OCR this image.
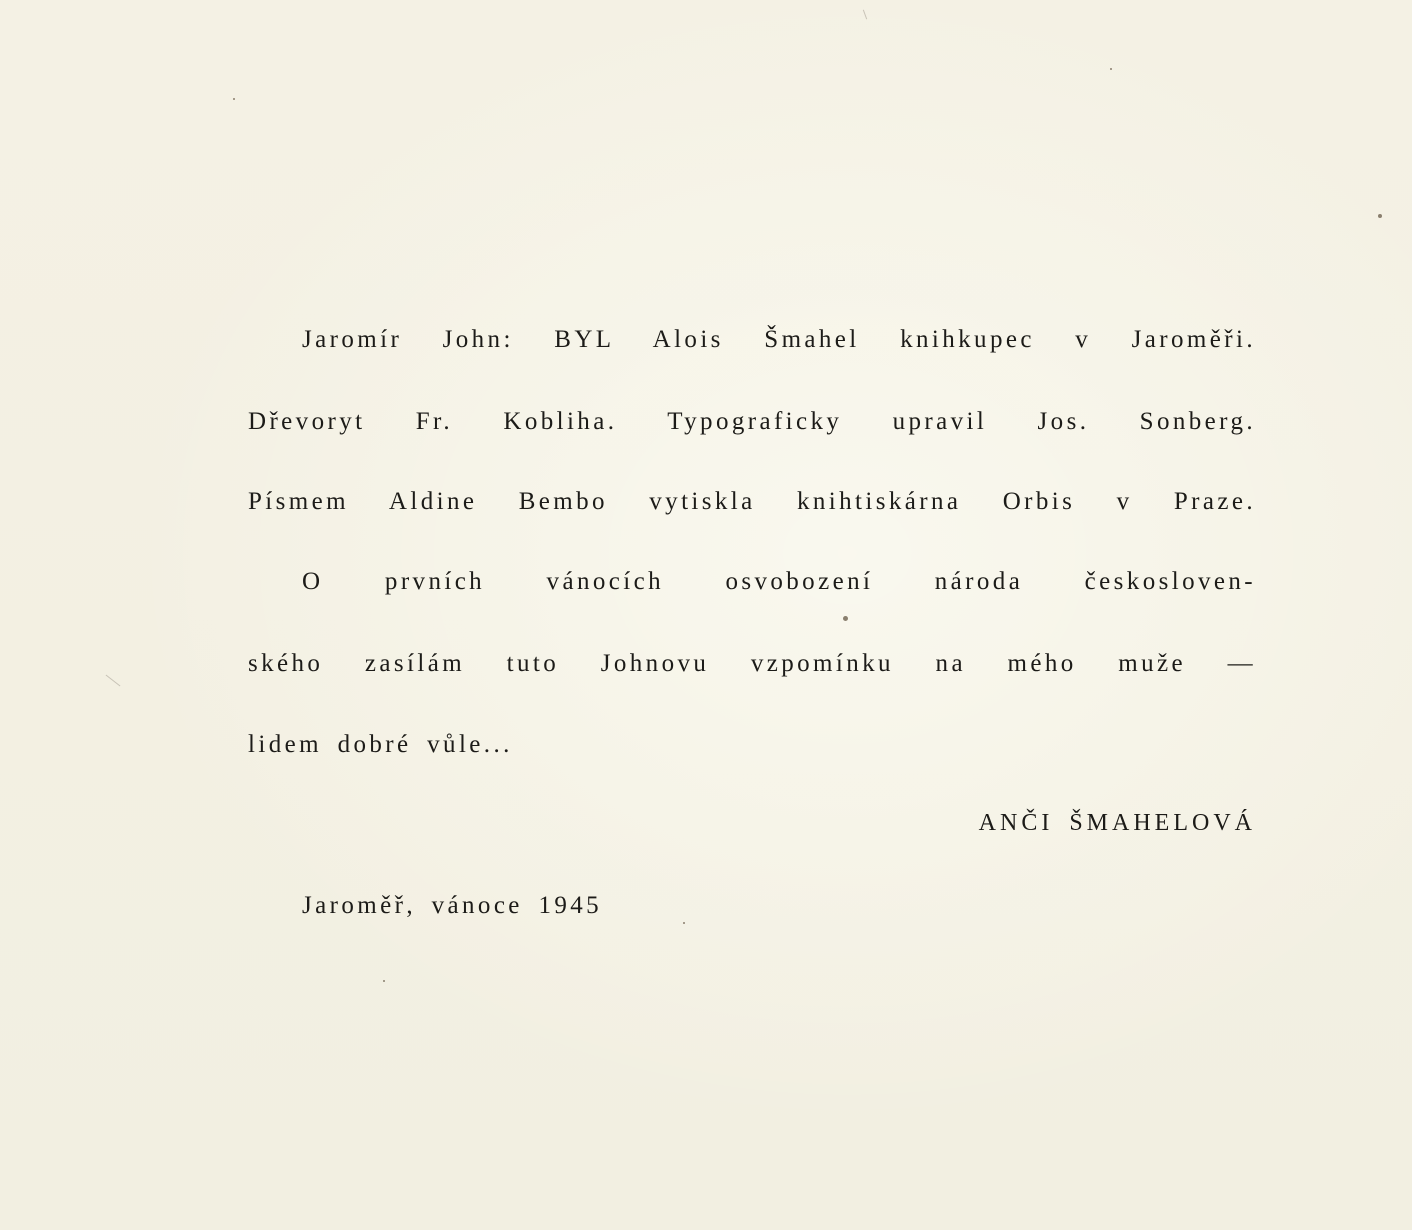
Jaromír John: BYL Alois Šmahel knihkupec v Jaroměři.
Dřevoryt Fr. Kobliha. Typograficky upravil Jos. Sonberg.
Písmem Aldine Bembo vytiskla knihtiskárna Orbis v Praze.
O prvních vánocích osvobození národa českosloven-
ského zasílám tuto Johnovu vzpomínku na mého muže —
lidem dobré vůle...
ANČI ŠMAHELOVÁ
Jaroměř, vánoce 1945
